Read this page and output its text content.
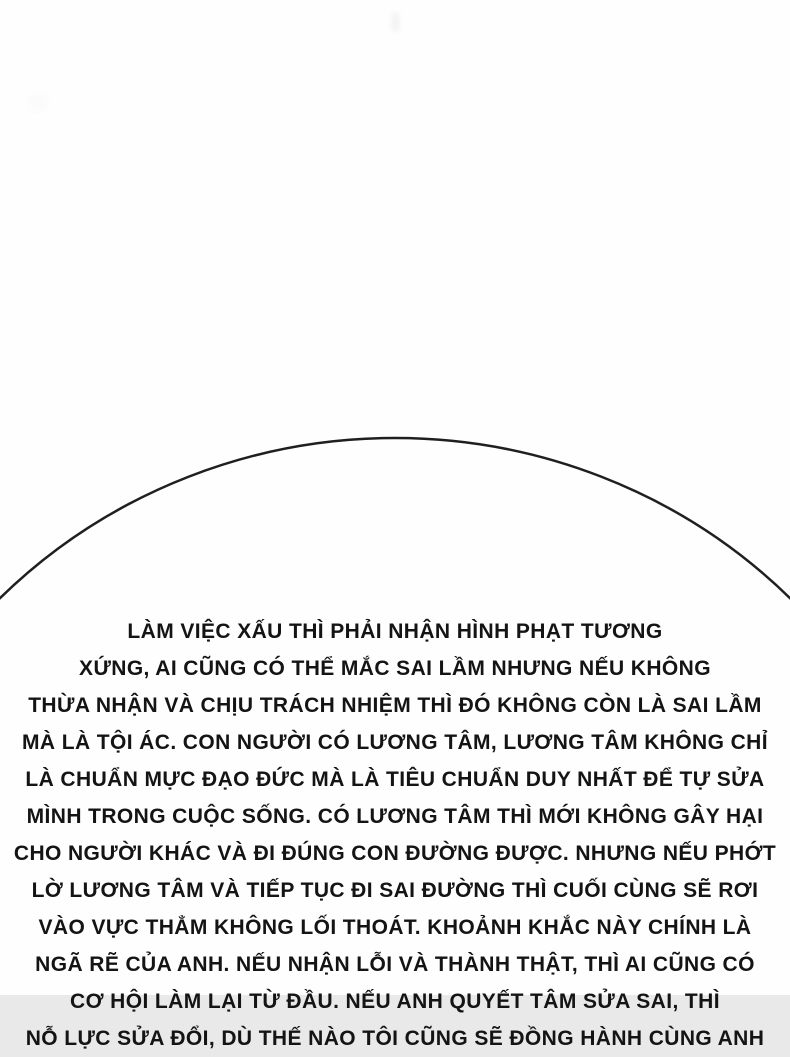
LÀM VIỆC XẤU THÌ PHẢI NHẬN HÌNH PHẠT TƯƠNG
XỨNG, AI CŨNG CÓ THỂ MẮC SAI LẦM NHƯNG NẾU KHÔNG
THỪA NHẬN VÀ CHỊU TRÁCH NHIỆM THÌ ĐÓ KHÔNG CÒN LÀ SAI LẦM
MÀ LÀ TỘI ÁC. CON NGƯỜI CÓ LƯƠNG TÂM, LƯƠNG TÂM KHÔNG CHỈ
LÀ CHUẨN MỰC ĐẠO ĐỨC MÀ LÀ TIÊU CHUẨN DUY NHẤT ĐỂ TỰ SỬA
MÌNH TRONG CUỘC SỐNG. CÓ LƯƠNG TÂM THÌ MỚI KHÔNG GÂY HẠI
CHO NGƯỜI KHÁC VÀ ĐI ĐÚNG CON ĐƯỜNG ĐƯỢC. NHƯNG NẾU PHỚT
LỜ LƯƠNG TÂM VÀ TIẾP TỤC ĐI SAI ĐƯỜNG THÌ CUỐI CÙNG SẼ RƠI
VÀO VỰC THẲM KHÔNG LỐI THOÁT. KHOẢNH KHẮC NÀY CHÍNH LÀ
NGÃ RẼ CỦA ANH. NẾU NHẬN LỖI VÀ THÀNH THẬT, THÌ AI CŨNG CÓ
CƠ HỘI LÀM LẠI TỪ ĐẦU. NẾU ANH QUYẾT TÂM SỬA SAI, THÌ
NỖ LỰC SỬA ĐỔI, DÙ THẾ NÀO TÔI CŨNG SẼ ĐỒNG HÀNH CÙNG ANH
